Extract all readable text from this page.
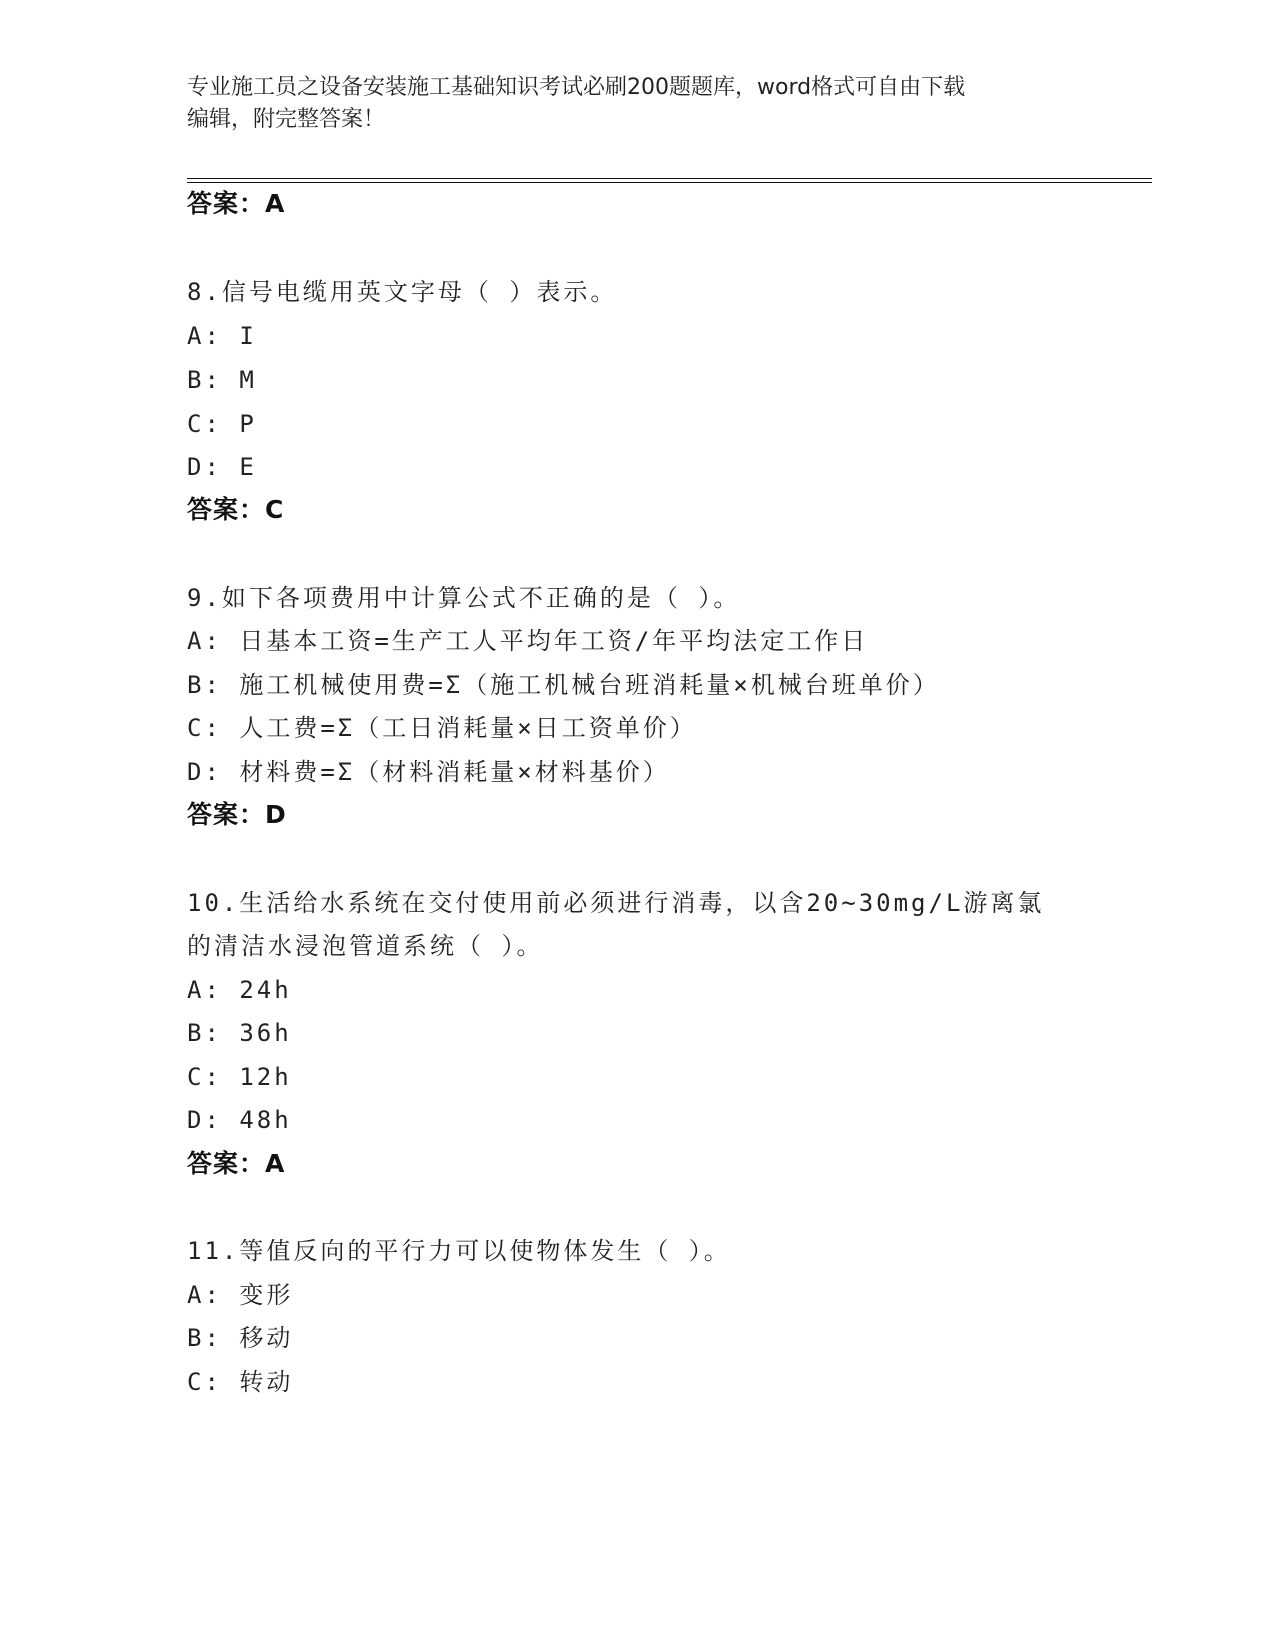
专业施工员之设备安装施工基础知识考试必刷200题题库，word格式可自由下载
编辑，附完整答案！
答案：A
8.信号电缆用英文字母（ ）表示。
A: I
B: M
C: P
D: E
答案：C
9.如下各项费用中计算公式不正确的是（ ）。
A: 日基本工资=生产工人平均年工资/年平均法定工作日
B: 施工机械使用费=Σ（施工机械台班消耗量×机械台班单价）
C: 人工费=Σ（工日消耗量×日工资单价）
D: 材料费=Σ（材料消耗量×材料基价）
答案：D
10.生活给水系统在交付使用前必须进行消毒，以含20~30mg/L游离氯
的清洁水浸泡管道系统（ ）。
A: 24h
B: 36h
C: 12h
D: 48h
答案：A
11.等值反向的平行力可以使物体发生（ ）。
A: 变形
B: 移动
C: 转动
